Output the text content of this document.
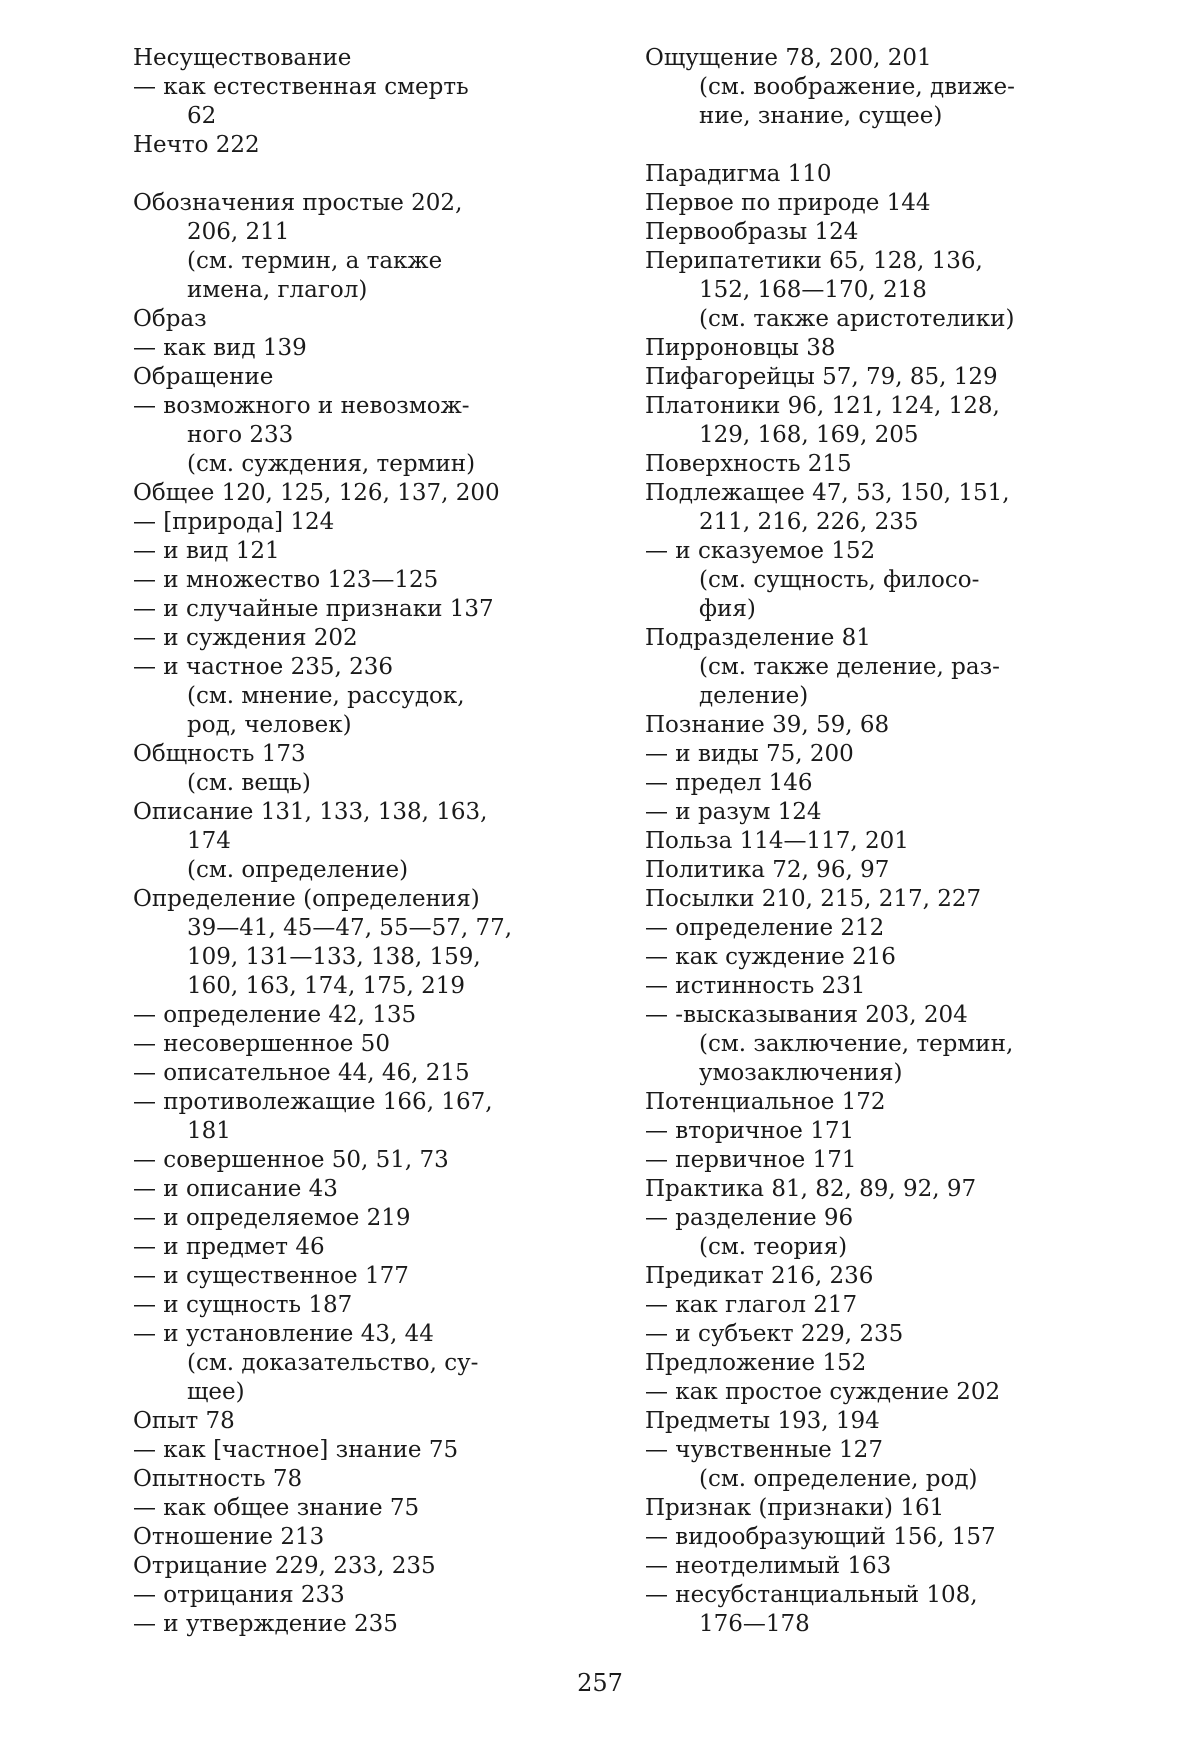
Несуществование
— как естественная смерть
62
Нечто 222
Обозначения простые 202,
206, 211
(см. термин, а также
имена, глагол)
Образ
— как вид 139
Обращение
— возможного и невозмож-
ного 233
(см. суждения, термин)
Общее 120, 125, 126, 137, 200
— [природа] 124
— и вид 121
— и множество 123—125
— и случайные признаки 137
— и суждения 202
— и частное 235, 236
(см. мнение, рассудок,
род, человек)
Общность 173
(см. вещь)
Описание 131, 133, 138, 163,
174
(см. определение)
Определение (определения)
39—41, 45—47, 55—57, 77,
109, 131—133, 138, 159,
160, 163, 174, 175, 219
— определение 42, 135
— несовершенное 50
— описательное 44, 46, 215
— противолежащие 166, 167,
181
— совершенное 50, 51, 73
— и описание 43
— и определяемое 219
— и предмет 46
— и существенное 177
— и сущность 187
— и установление 43, 44
(см. доказательство, су-
щее)
Опыт 78
— как [частное] знание 75
Опытность 78
— как общее знание 75
Отношение 213
Отрицание 229, 233, 235
— отрицания 233
— и утверждение 235
Ощущение 78, 200, 201
(см. воображение, движе-
ние, знание, сущее)
Парадигма 110
Первое по природе 144
Первообразы 124
Перипатетики 65, 128, 136,
152, 168—170, 218
(см. также аристотелики)
Пирроновцы 38
Пифагорейцы 57, 79, 85, 129
Платоники 96, 121, 124, 128,
129, 168, 169, 205
Поверхность 215
Подлежащее 47, 53, 150, 151,
211, 216, 226, 235
— и сказуемое 152
(см. сущность, филосо-
фия)
Подразделение 81
(см. также деление, раз-
деление)
Познание 39, 59, 68
— и виды 75, 200
— предел 146
— и разум 124
Польза 114—117, 201
Политика 72, 96, 97
Посылки 210, 215, 217, 227
— определение 212
— как суждение 216
— истинность 231
— -высказывания 203, 204
(см. заключение, термин,
умозаключения)
Потенциальное 172
— вторичное 171
— первичное 171
Практика 81, 82, 89, 92, 97
— разделение 96
(см. теория)
Предикат 216, 236
— как глагол 217
— и субъект 229, 235
Предложение 152
— как простое суждение 202
Предметы 193, 194
— чувственные 127
(см. определение, род)
Признак (признаки) 161
— видообразующий 156, 157
— неотделимый 163
— несубстанциальный 108,
176—178
257
